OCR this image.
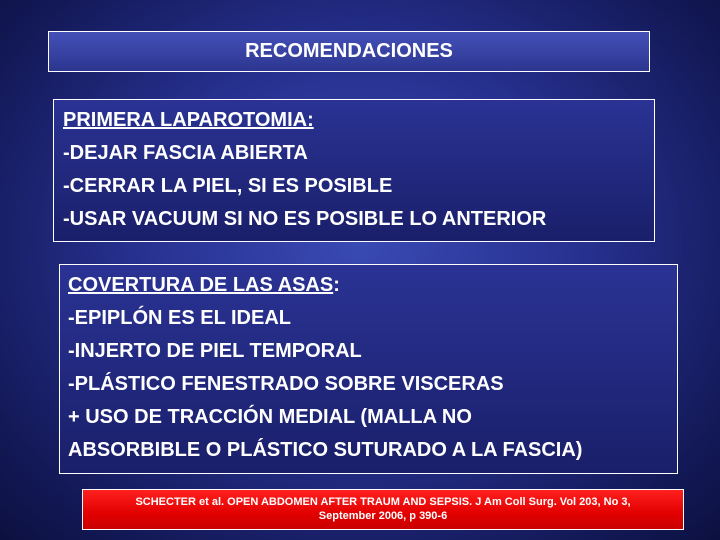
RECOMENDACIONES
PRIMERA LAPAROTOMIA:
-DEJAR FASCIA ABIERTA
-CERRAR LA PIEL, SI ES POSIBLE
-USAR VACUUM SI NO ES POSIBLE LO ANTERIOR
COVERTURA DE LAS ASAS:
-EPIPLÓN ES EL IDEAL
-INJERTO DE PIEL TEMPORAL
-PLÁSTICO FENESTRADO SOBRE VISCERAS
+ USO DE TRACCIÓN MEDIAL (MALLA NO
ABSORBIBLE O PLÁSTICO SUTURADO A LA FASCIA)
SCHECTER et al. OPEN ABDOMEN AFTER TRAUM AND SEPSIS. J Am Coll Surg. Vol 203, No 3,
September 2006, p 390-6
